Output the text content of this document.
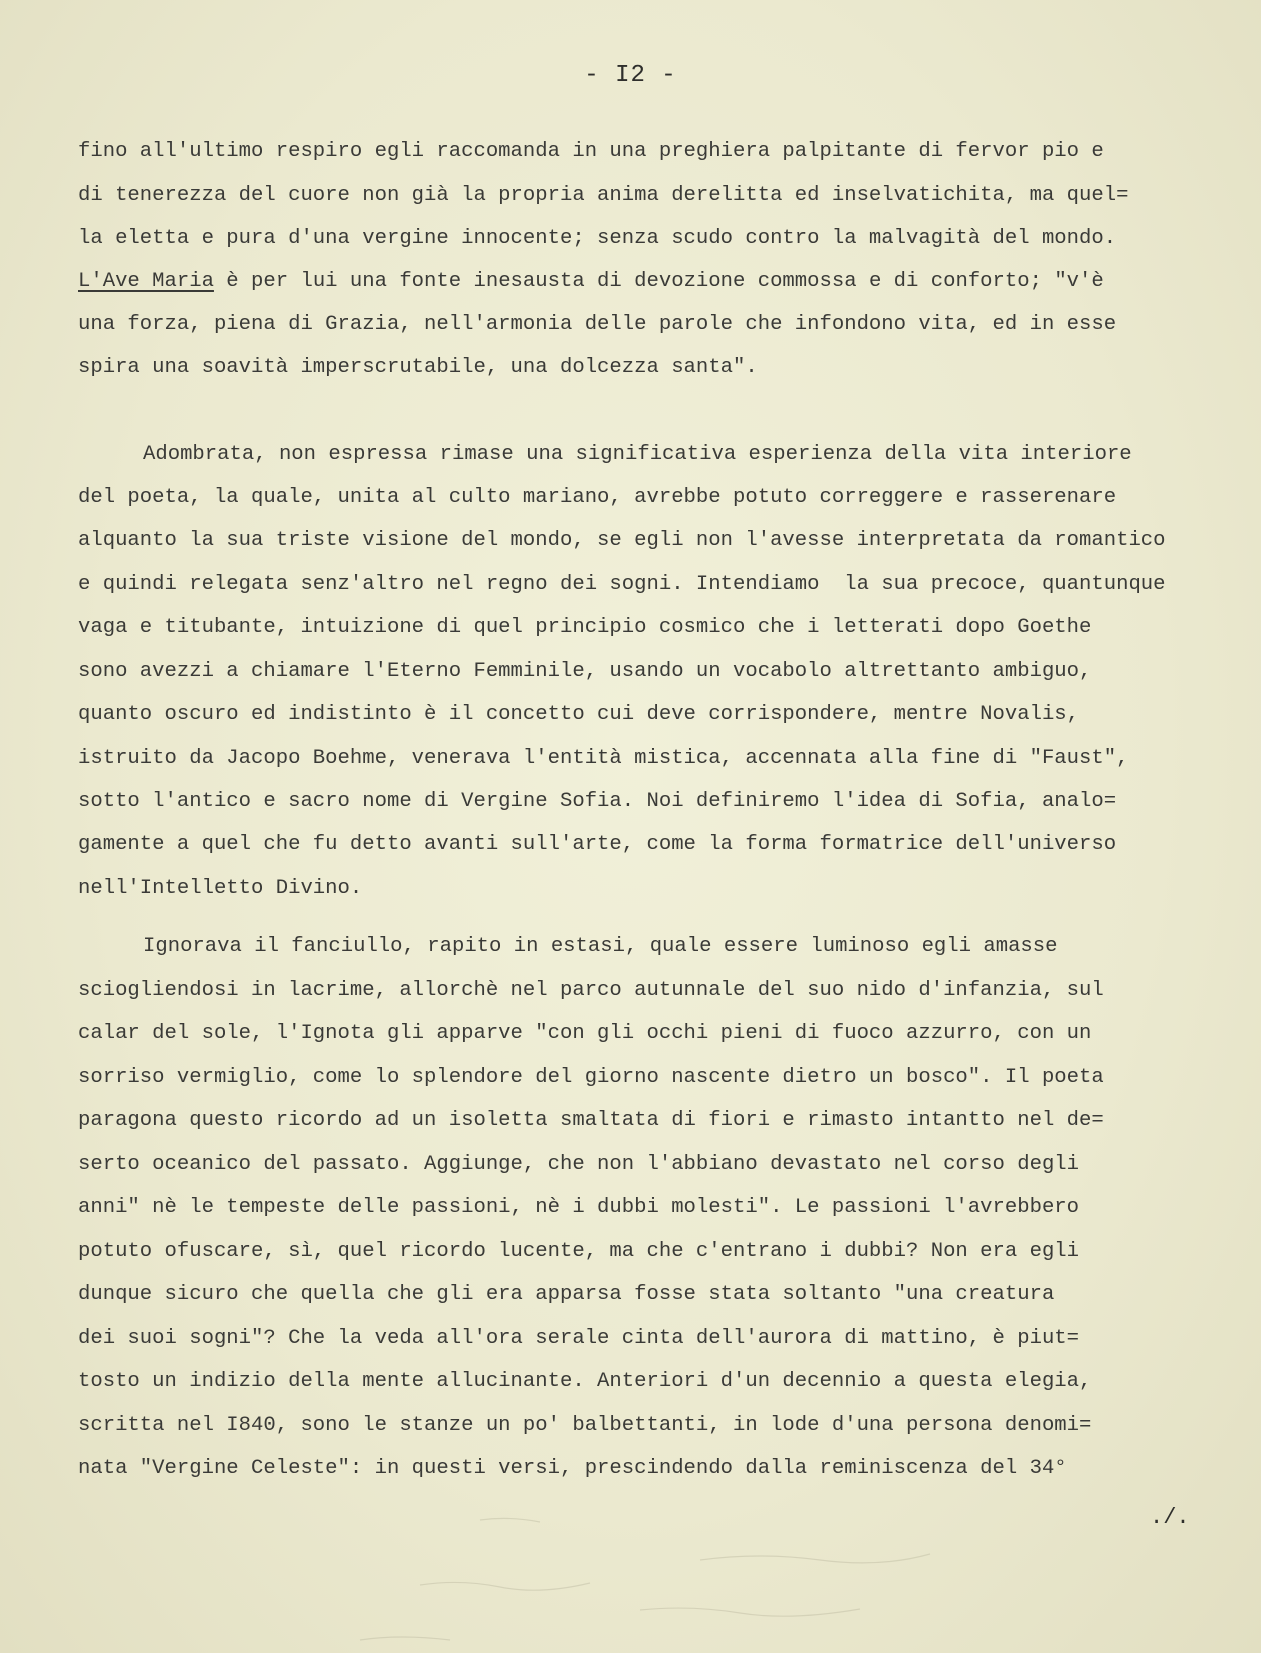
- I2 -
fino all'ultimo respiro egli raccomanda in una preghiera palpitante di fervor pio e
di tenerezza del cuore non già la propria anima derelitta ed inselvatichita, ma quel=
la eletta e pura d'una vergine innocente; senza scudo contro la malvagità del mondo.
L'Ave Maria è per lui una fonte inesausta di devozione commossa e di conforto; "v'è
una forza, piena di Grazia, nell'armonia delle parole che infondono vita, ed in esse
spira una soavità imperscrutabile, una dolcezza santa".
Adombrata, non espressa rimase una significativa esperienza della vita interiore
del poeta, la quale, unita al culto mariano, avrebbe potuto correggere e rasserenare
alquanto la sua triste visione del mondo, se egli non l'avesse interpretata da romantico
e quindi relegata senz'altro nel regno dei sogni. Intendiamo  la sua precoce, quantunque
vaga e titubante, intuizione di quel principio cosmico che i letterati dopo Goethe
sono avezzi a chiamare l'Eterno Femminile, usando un vocabolo altrettanto ambiguo,
quanto oscuro ed indistinto è il concetto cui deve corrispondere, mentre Novalis,
istruito da Jacopo Boehme, venerava l'entità mistica, accennata alla fine di "Faust",
sotto l'antico e sacro nome di Vergine Sofia. Noi definiremo l'idea di Sofia, analo=
gamente a quel che fu detto avanti sull'arte, come la forma formatrice dell'universo
nell'Intelletto Divino.
Ignorava il fanciullo, rapito in estasi, quale essere luminoso egli amasse
sciogliendosi in lacrime, allorchè nel parco autunnale del suo nido d'infanzia, sul
calar del sole, l'Ignota gli apparve "con gli occhi pieni di fuoco azzurro, con un
sorriso vermiglio, come lo splendore del giorno nascente dietro un bosco". Il poeta
paragona questo ricordo ad un isoletta smaltata di fiori e rimasto intantto nel de=
serto oceanico del passato. Aggiunge, che non l'abbiano devastato nel corso degli
anni" nè le tempeste delle passioni, nè i dubbi molesti". Le passioni l'avrebbero
potuto ofuscare, sì, quel ricordo lucente, ma che c'entrano i dubbi? Non era egli
dunque sicuro che quella che gli era apparsa fosse stata soltanto "una creatura
dei suoi sogni"? Che la veda all'ora serale cinta dell'aurora di mattino, è piut=
tosto un indizio della mente allucinante. Anteriori d'un decennio a questa elegia,
scritta nel I840, sono le stanze un po' balbettanti, in lode d'una persona denomi=
nata "Vergine Celeste": in questi versi, prescindendo dalla reminiscenza del 34°
./.
